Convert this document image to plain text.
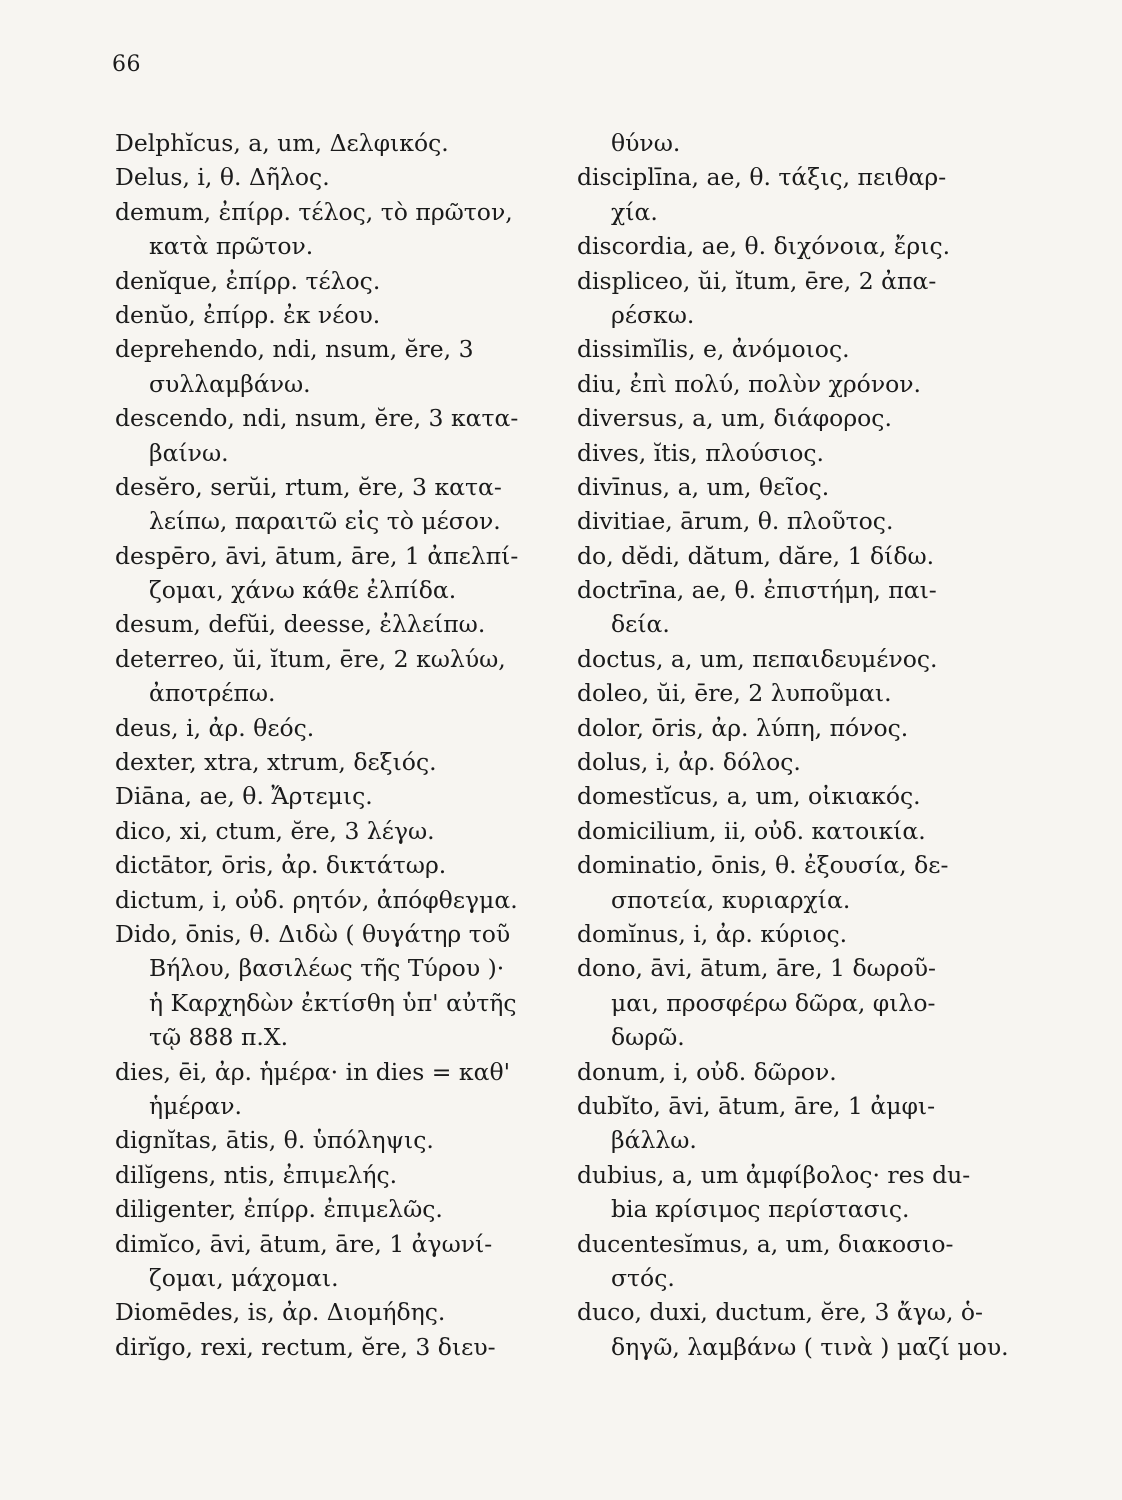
66
Delphĭcus, a, um, Δελφικός.
Delus, i, θ. Δῆλος.
demum, ἐπίρρ. τέλος, τὸ πρῶτον,
κατὰ πρῶτον.
denĭque, ἐπίρρ. τέλος.
denŭo, ἐπίρρ. ἐκ νέου.
deprehendo, ndi, nsum, ĕre, 3
συλλαμβάνω.
descendo, ndi, nsum, ĕre, 3 κατα-
βαίνω.
desĕro, serŭi, rtum, ĕre, 3 κατα-
λείπω, παραιτῶ εἰς τὸ μέσον.
despēro, āvi, ātum, āre, 1 ἀπελπί-
ζομαι, χάνω κάθε ἐλπίδα.
desum, defŭi, deesse, ἐλλείπω.
deterreo, ŭi, ĭtum, ēre, 2 κωλύω,
ἀποτρέπω.
deus, i, ἀρ. θεός.
dexter, xtra, xtrum, δεξιός.
Diāna, ae, θ. Ἄρτεμις.
dico, xi, ctum, ĕre, 3 λέγω.
dictātor, ōris, ἀρ. δικτάτωρ.
dictum, i, οὐδ. ρητόν, ἀπόφθεγμα.
Dido, ōnis, θ. Διδὼ ( θυγάτηρ τοῦ
Βήλου, βασιλέως τῆς Τύρου )·
ἡ Καρχηδὼν ἐκτίσθη ὑπ' αὐτῆς
τῷ 888 π.Χ.
dies, ēi, ἀρ. ἡμέρα· in dies = καθ'
ἡμέραν.
dignĭtas, ātis, θ. ὑπόληψις.
dilĭgens, ntis, ἐπιμελής.
diligenter, ἐπίρρ. ἐπιμελῶς.
dimĭco, āvi, ātum, āre, 1 ἀγωνί-
ζομαι, μάχομαι.
Diomēdes, is, ἀρ. Διομήδης.
dirĭgo, rexi, rectum, ĕre, 3 διευ-
θύνω.
disciplīna, ae, θ. τάξις, πειθαρ-
χία.
discordia, ae, θ. διχόνοια, ἔρις.
displiceo, ŭi, ĭtum, ēre, 2 ἀπα-
ρέσκω.
dissimĭlis, e, ἀνόμοιος.
diu, ἐπὶ πολύ, πολὺν χρόνον.
diversus, a, um, διάφορος.
dives, ĭtis, πλούσιος.
divīnus, a, um, θεῖος.
divitiae, ārum, θ. πλοῦτος.
do, dĕdi, dătum, dăre, 1 δίδω.
doctrīna, ae, θ. ἐπιστήμη, παι-
δεία.
doctus, a, um, πεπαιδευμένος.
doleo, ŭi, ēre, 2 λυποῦμαι.
dolor, ōris, ἀρ. λύπη, πόνος.
dolus, i, ἀρ. δόλος.
domestĭcus, a, um, οἰκιακός.
domicilium, ii, οὐδ. κατοικία.
dominatio, ōnis, θ. ἐξουσία, δε-
σποτεία, κυριαρχία.
domĭnus, i, ἀρ. κύριος.
dono, āvi, ātum, āre, 1 δωροῦ-
μαι, προσφέρω δῶρα, φιλο-
δωρῶ.
donum, i, οὐδ. δῶρον.
dubĭto, āvi, ātum, āre, 1 ἀμφι-
βάλλω.
dubius, a, um ἀμφίβολος· res du-
bia κρίσιμος περίστασις.
ducentesĭmus, a, um, διακοσιο-
στός.
duco, duxi, ductum, ĕre, 3 ἄγω, ὁ-
δηγῶ, λαμβάνω ( τινὰ ) μαζί μου.
